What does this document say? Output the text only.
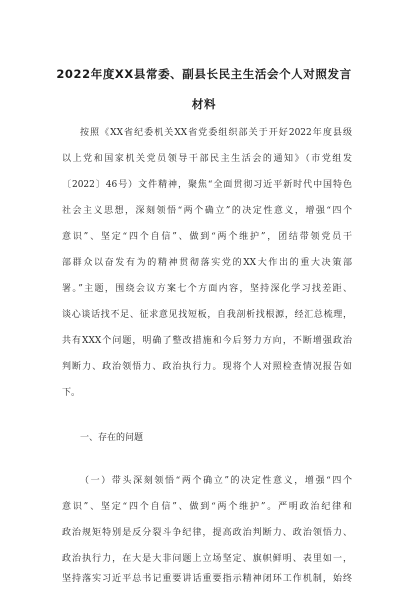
2022年度XX县常委、副县长民主生活会个人对照发言
材料

按照《XX省纪委机关XX省党委组织部关于开好2022年度县级

以上党和国家机关党员领导干部民主生活会的通知》（市党组发

〔2022〕46号）文件精神，聚焦“全面贯彻习近平新时代中国特色

社会主义思想，深刻领悟“两个确立”的决定性意义，增强“四个

意识”、坚定“四个自信”、做到“两个维护”，团结带领党员干

部群众以奋发有为的精神贯彻落实党的XX大作出的重大决策部

署。”主题，围绕会议方案七个方面内容，坚持深化学习找差距、

谈心谈话找不足、征求意见找短板，自我剖析找根源，经汇总梳理，

共有XXX个问题，明确了整改措施和今后努力方向，不断增强政治

判断力、政治领悟力、政治执行力。现将个人对照检查情况报告如

下。

一、存在的问题

（一）带头深刻领悟“两个确立”的决定性意义，增强“四个

意识”、坚定“四个自信”、做到“两个维护”。严明政治纪律和

政治规矩特别是反分裂斗争纪律，提高政治判断力、政治领悟力、

政治执行力，在大是大非问题上立场坚定、旗帜鲜明、表里如一，

坚持落实习近平总书记重要讲话重要指示精神闭环工作机制，始终
